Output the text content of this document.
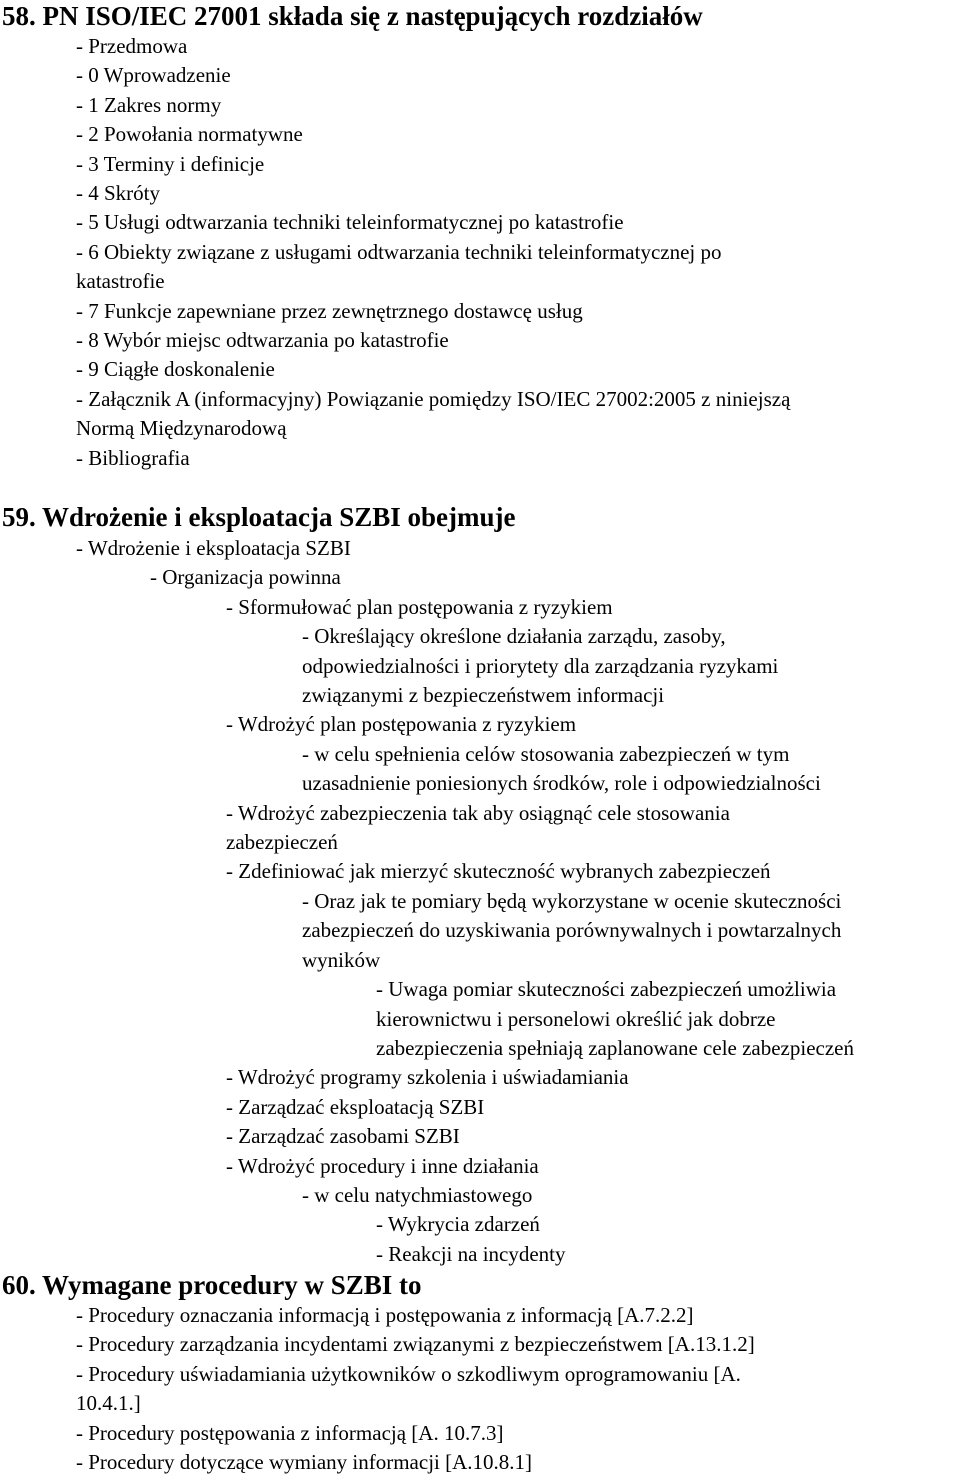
58. PN ISO/IEC 27001 składa się z następujących rozdziałów
- Przedmowa
- 0 Wprowadzenie
- 1 Zakres normy
- 2 Powołania normatywne
- 3 Terminy i definicje
- 4 Skróty
- 5 Usługi odtwarzania techniki teleinformatycznej po katastrofie
- 6 Obiekty związane z usługami odtwarzania techniki teleinformatycznej po
katastrofie
- 7 Funkcje zapewniane przez zewnętrznego dostawcę usług
- 8 Wybór miejsc odtwarzania po katastrofie
- 9 Ciągłe doskonalenie
- Załącznik A (informacyjny) Powiązanie pomiędzy ISO/IEC 27002:2005 z niniejszą
Normą Międzynarodową
- Bibliografia
59. Wdrożenie i eksploatacja SZBI obejmuje
- Wdrożenie i eksploatacja SZBI
- Organizacja powinna
- Sformułować plan postępowania z ryzykiem
- Określający określone działania zarządu, zasoby,
odpowiedzialności i priorytety dla zarządzania ryzykami
związanymi z bezpieczeństwem informacji
- Wdrożyć plan postępowania z ryzykiem
- w celu spełnienia celów stosowania zabezpieczeń w tym
uzasadnienie poniesionych środków, role i odpowiedzialności
- Wdrożyć zabezpieczenia tak aby osiągnąć cele stosowania
zabezpieczeń
- Zdefiniować jak mierzyć skuteczność wybranych zabezpieczeń
- Oraz jak te pomiary będą wykorzystane w ocenie skuteczności
zabezpieczeń do uzyskiwania porównywalnych i powtarzalnych
wyników
- Uwaga pomiar skuteczności zabezpieczeń umożliwia
kierownictwu i personelowi określić jak dobrze
zabezpieczenia spełniają zaplanowane cele zabezpieczeń
- Wdrożyć programy szkolenia i uświadamiania
- Zarządzać eksploatacją SZBI
- Zarządzać zasobami SZBI
- Wdrożyć procedury i inne działania
- w celu natychmiastowego
- Wykrycia zdarzeń
- Reakcji na incydenty
60. Wymagane procedury w SZBI to
- Procedury oznaczania informacją i postępowania z informacją [A.7.2.2]
- Procedury zarządzania incydentami związanymi z bezpieczeństwem [A.13.1.2]
- Procedury uświadamiania użytkowników o szkodliwym oprogramowaniu [A.
10.4.1.]
- Procedury postępowania z informacją [A. 10.7.3]
- Procedury dotyczące wymiany informacji [A.10.8.1]
